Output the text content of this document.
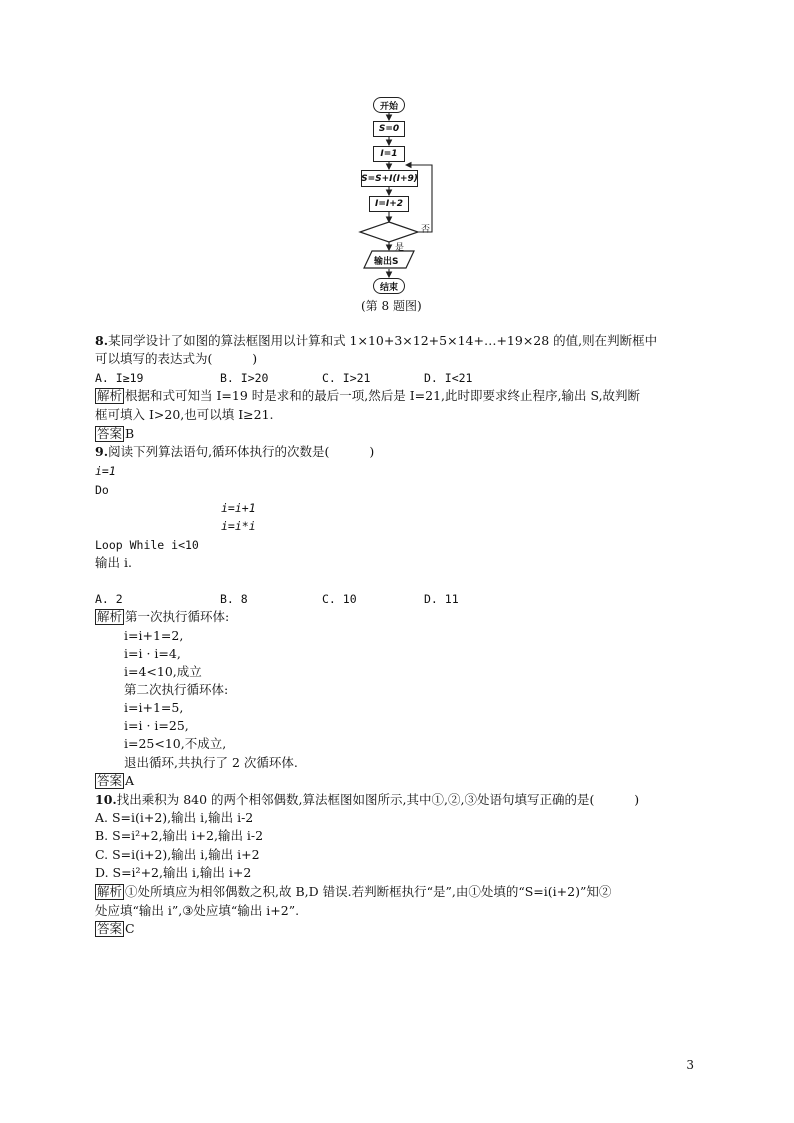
开始
S=0
I=1
S=S+I(I+9)
I=I+2
是
否
输出S
结束
(第 8 题图)
8.某同学设计了如图的算法框图用以计算和式 1×10+3×12+5×14+…+19×28 的值,则在判断框中
可以填写的表达式为(	)
A. I≥19	B. I>20	C. I>21	D. I<21
解析 根据和式可知当 I=19 时是求和的最后一项,然后是 I=21,此时即要求终止程序,输出 S,故判断
框可填入 I>20,也可以填 I≥21.
答案 B
9.阅读下列算法语句,循环体执行的次数是(	)
i=1
Do
i=i+1
i=i*i
Loop While i<10
输出 i.
A. 2	B. 8	C. 10	D. 11
解析 第一次执行循环体:
i=i+1=2,
i=i · i=4,
i=4<10,成立
第二次执行循环体:
i=i+1=5,
i=i · i=25,
i=25<10,不成立,
退出循环,共执行了 2 次循环体.
答案 A
10.找出乘积为 840 的两个相邻偶数,算法框图如图所示,其中①,②,③处语句填写正确的是(	)
A. S=i(i+2),输出 i,输出 i-2
B. S=i²+2,输出 i+2,输出 i-2
C. S=i(i+2),输出 i,输出 i+2
D. S=i²+2,输出 i,输出 i+2
解析 ①处所填应为相邻偶数之积,故 B,D 错误.若判断框执行“是”,由①处填的“S=i(i+2)”知②
处应填“输出 i”,③处应填“输出 i+2”.
答案 C
3
